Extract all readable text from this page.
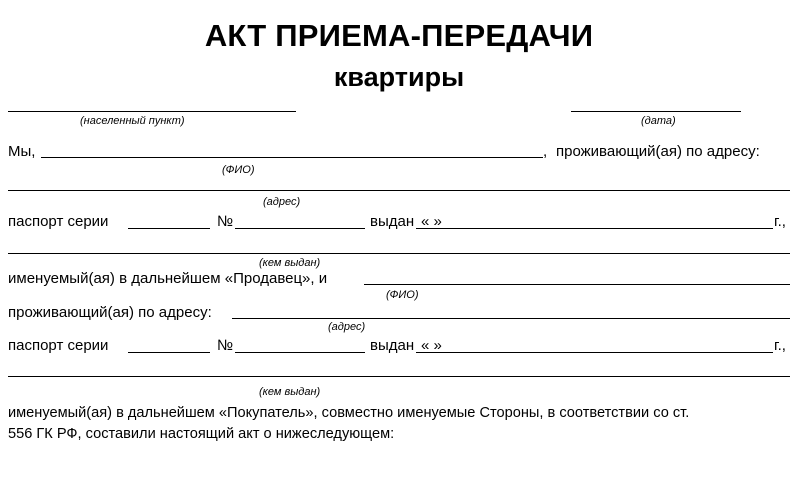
АКТ ПРИЕМА-ПЕРЕДАЧИ
квартиры
(населенный пункт)	(дата)
Мы,	, проживающий(ая) по адресу:
(ФИО)
(адрес)
паспорт серии	№	выдан « »	г.,
(кем выдан)
именуемый(ая) в дальнейшем «Продавец», и
(ФИО)
проживающий(ая) по адресу:
(адрес)
паспорт серии	№	выдан « »	г.,
(кем выдан)
именуемый(ая) в дальнейшем «Покупатель», совместно именуемые Стороны, в соответствии со ст.
556 ГК РФ, составили настоящий акт о нижеследующем:
